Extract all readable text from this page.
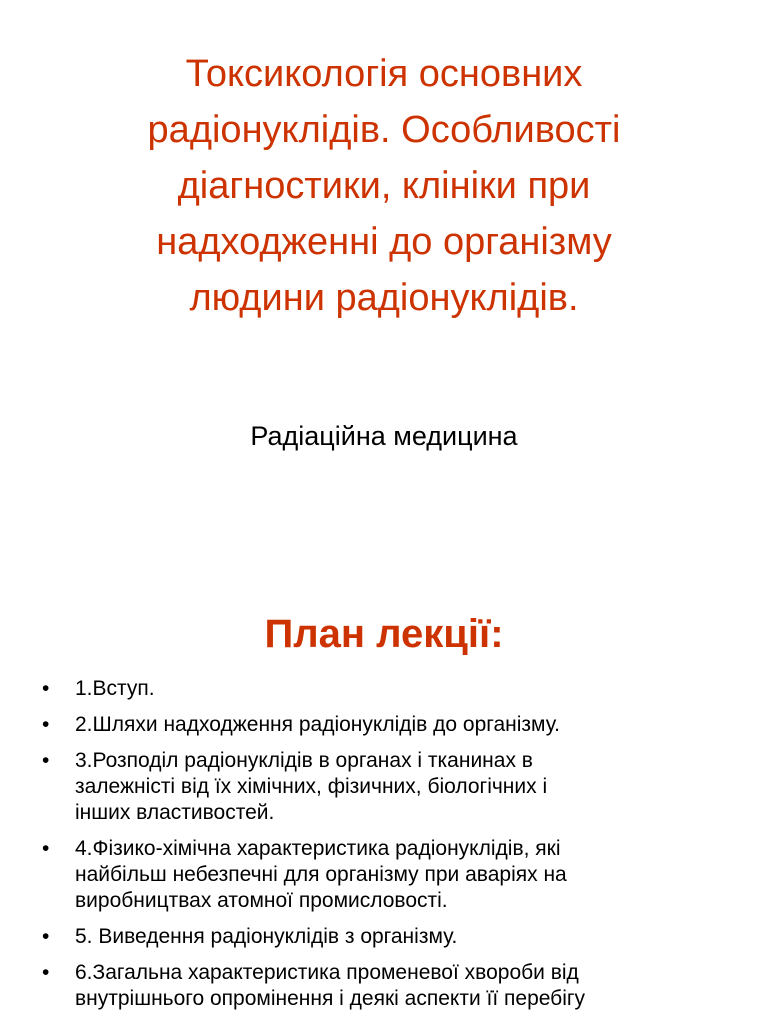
Токсикологія основних
радіонуклідів. Особливості
діагностики, клініки при
надходженні до організму
людини радіонуклідів.

Радіаційна медицина

План лекції:
• 1.Вступ.
• 2.Шляхи надходження радіонуклідів до організму.
• 3.Розподіл радіонуклідів в органах і тканинах в
залежністі від їх хімічних, фізичних, біологічних і
інших властивостей.
• 4.Фізико-хімічна характеристика радіонуклідів, які
найбільш небезпечні для організму при аваріях на
виробництвах атомної промисловості.
• 5. Виведення радіонуклідів з організму.
• 6.Загальна характеристика променевої хвороби від
внутрішнього опромінення і деякі аспекти її перебігу
